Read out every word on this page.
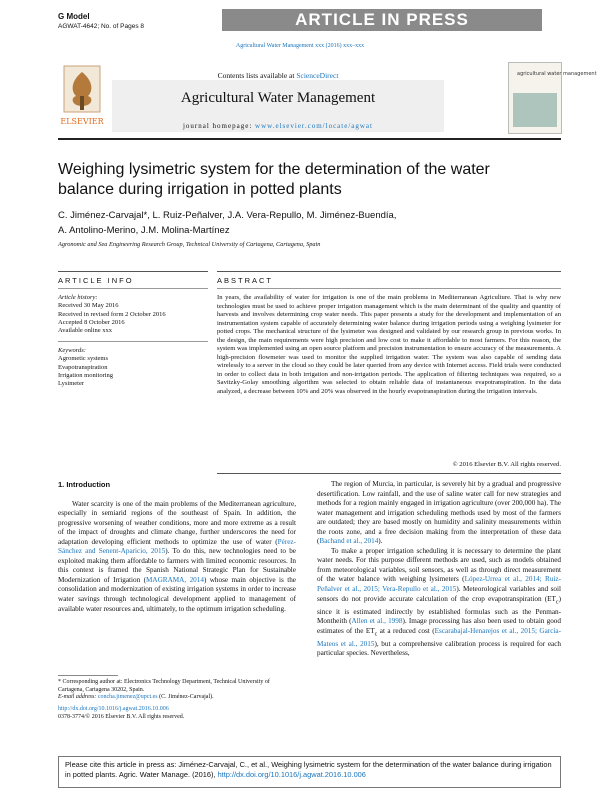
G Model
AGWAT-4642; No. of Pages 8	ARTICLE IN PRESS
Agricultural Water Management xxx (2016) xxx–xxx
ELSEVIER
Contents lists available at ScienceDirect
Agricultural Water Management
journal homepage: www.elsevier.com/locate/agwat
agricultural water management
Weighing lysimetric system for the determination of the water balance during irrigation in potted plants
C. Jiménez-Carvajal*, L. Ruiz-Peñalver, J.A. Vera-Repullo, M. Jiménez-Buendía,
A. Antolino-Merino, J.M. Molina-Martínez
Agronomic and Sea Engineering Research Group, Technical University of Cartagena, Cartagena, Spain
ARTICLE INFO	ABSTRACT
Article history:
Received 30 May 2016
Received in revised form 2 October 2016
Accepted 8 October 2016
Available online xxx
Keywords:
Agrometic systems
Evapotranspiration
Irrigation monitoring
Lysimeter
In years, the availability of water for irrigation is one of the main problems in Mediterranean Agriculture. That is why new technologies must be used to achieve proper irrigation management which is the main determinant of the quality and quantity of harvests and involves determining crop water needs. This paper presents a study for the development and implementation of an instrumentation system capable of accurately determining water balance during irrigation periods using a weighing lysimeter for potted crops. The mechanical structure of the lysimeter was designed and validated by our research group in previous works. In the design, the main requirements were high precision and low cost to make it affordable to most farmers. For this reason, the system was implemented using an open source platform and precision instrumentation to ensure accuracy of the measurements. A high-precision flowmeter was used to monitor the supplied irrigation water. The system was also capable of sending data wirelessly to a server in the cloud so they could be later queried from any device with Internet access. Field trials were conducted in order to collect data in both irrigation and non-irrigation periods. The application of filtering techniques was required, so a Savitzky-Golay smoothing algorithm was selected to obtain reliable data of instantaneous evapotranspiration. In the data analyzed, a decrease between 10% and 20% was observed in the hourly evapotranspiration during the irrigation intervals.
© 2016 Elsevier B.V. All rights reserved.
1. Introduction

Water scarcity is one of the main problems of the Mediterranean agriculture, especially in semiarid regions of the southeast of Spain. In addition, the progressive worsening of weather conditions, more and more extreme as a result of the impact of droughts and climate change, further underscores the need for adaptation developing efficient methods to optimize the use of water (Pérez-Sánchez and Senent-Aparicio, 2015). To do this, new technologies need to be exploited making them affordable to farmers with limited economic resources. In this context is framed the Spanish National Strategic Plan for Sustainable Modernization of Irrigation (MAGRAMA, 2014) whose main objective is the consolidation and modernization of existing irrigation systems in order to increase water savings through technological development applied to management of available water resources and, ultimately, to the optimum irrigation scheduling.

The region of Murcia, in particular, is severely hit by a gradual and progressive desertification. Low rainfall, and the use of saline water call for new strategies and methods for a region mainly engaged in irrigation agriculture (over 200,000 ha). The water management and irrigation scheduling methods used by most of the farmers are outdated; they are based mostly on humidity and salinity measurements within the roots zone, and a free decision making from the interpretation of these data (Bachand et al., 2014).

To make a proper irrigation scheduling it is necessary to determine the plant water needs. For this purpose different methods are used, such as models obtained from meteorological variables, soil sensors, as well as through direct measurement of the water balance with weighing lysimeters (López-Urrea et al., 2014; Ruiz-Peñalver et al., 2015; Vera-Repullo et al., 2015). Meteorological variables and soil sensors do not provide accurate calculation of the crop evapotranspiration $(ET_c)$ since it is estimated indirectly by established formulas such as the Penman-Montheith (Allen et al., 1998). Image processing has also been used to obtain good estimates of the $ET_c$ at a reduced cost (Escarabajal-Henarejos et al., 2015; García-Mateos et al., 2015), but a comprehensive calibration process is required for each particular species. Nevertheless,

* Corresponding author at: Electronics Technology Department, Technical University of Cartagena, Cartagena 30202, Spain.
E-mail address: concha.jimenez@upct.es (C. Jiménez-Carvajal).
http://dx.doi.org/10.1016/j.agwat.2016.10.006
0378-3774/© 2016 Elsevier B.V. All rights reserved.
Please cite this article in press as: Jiménez-Carvajal, C., et al., Weighing lysimetric system for the determination of the water balance during irrigation in potted plants. Agric. Water Manage. (2016), http://dx.doi.org/10.1016/j.agwat.2016.10.006
